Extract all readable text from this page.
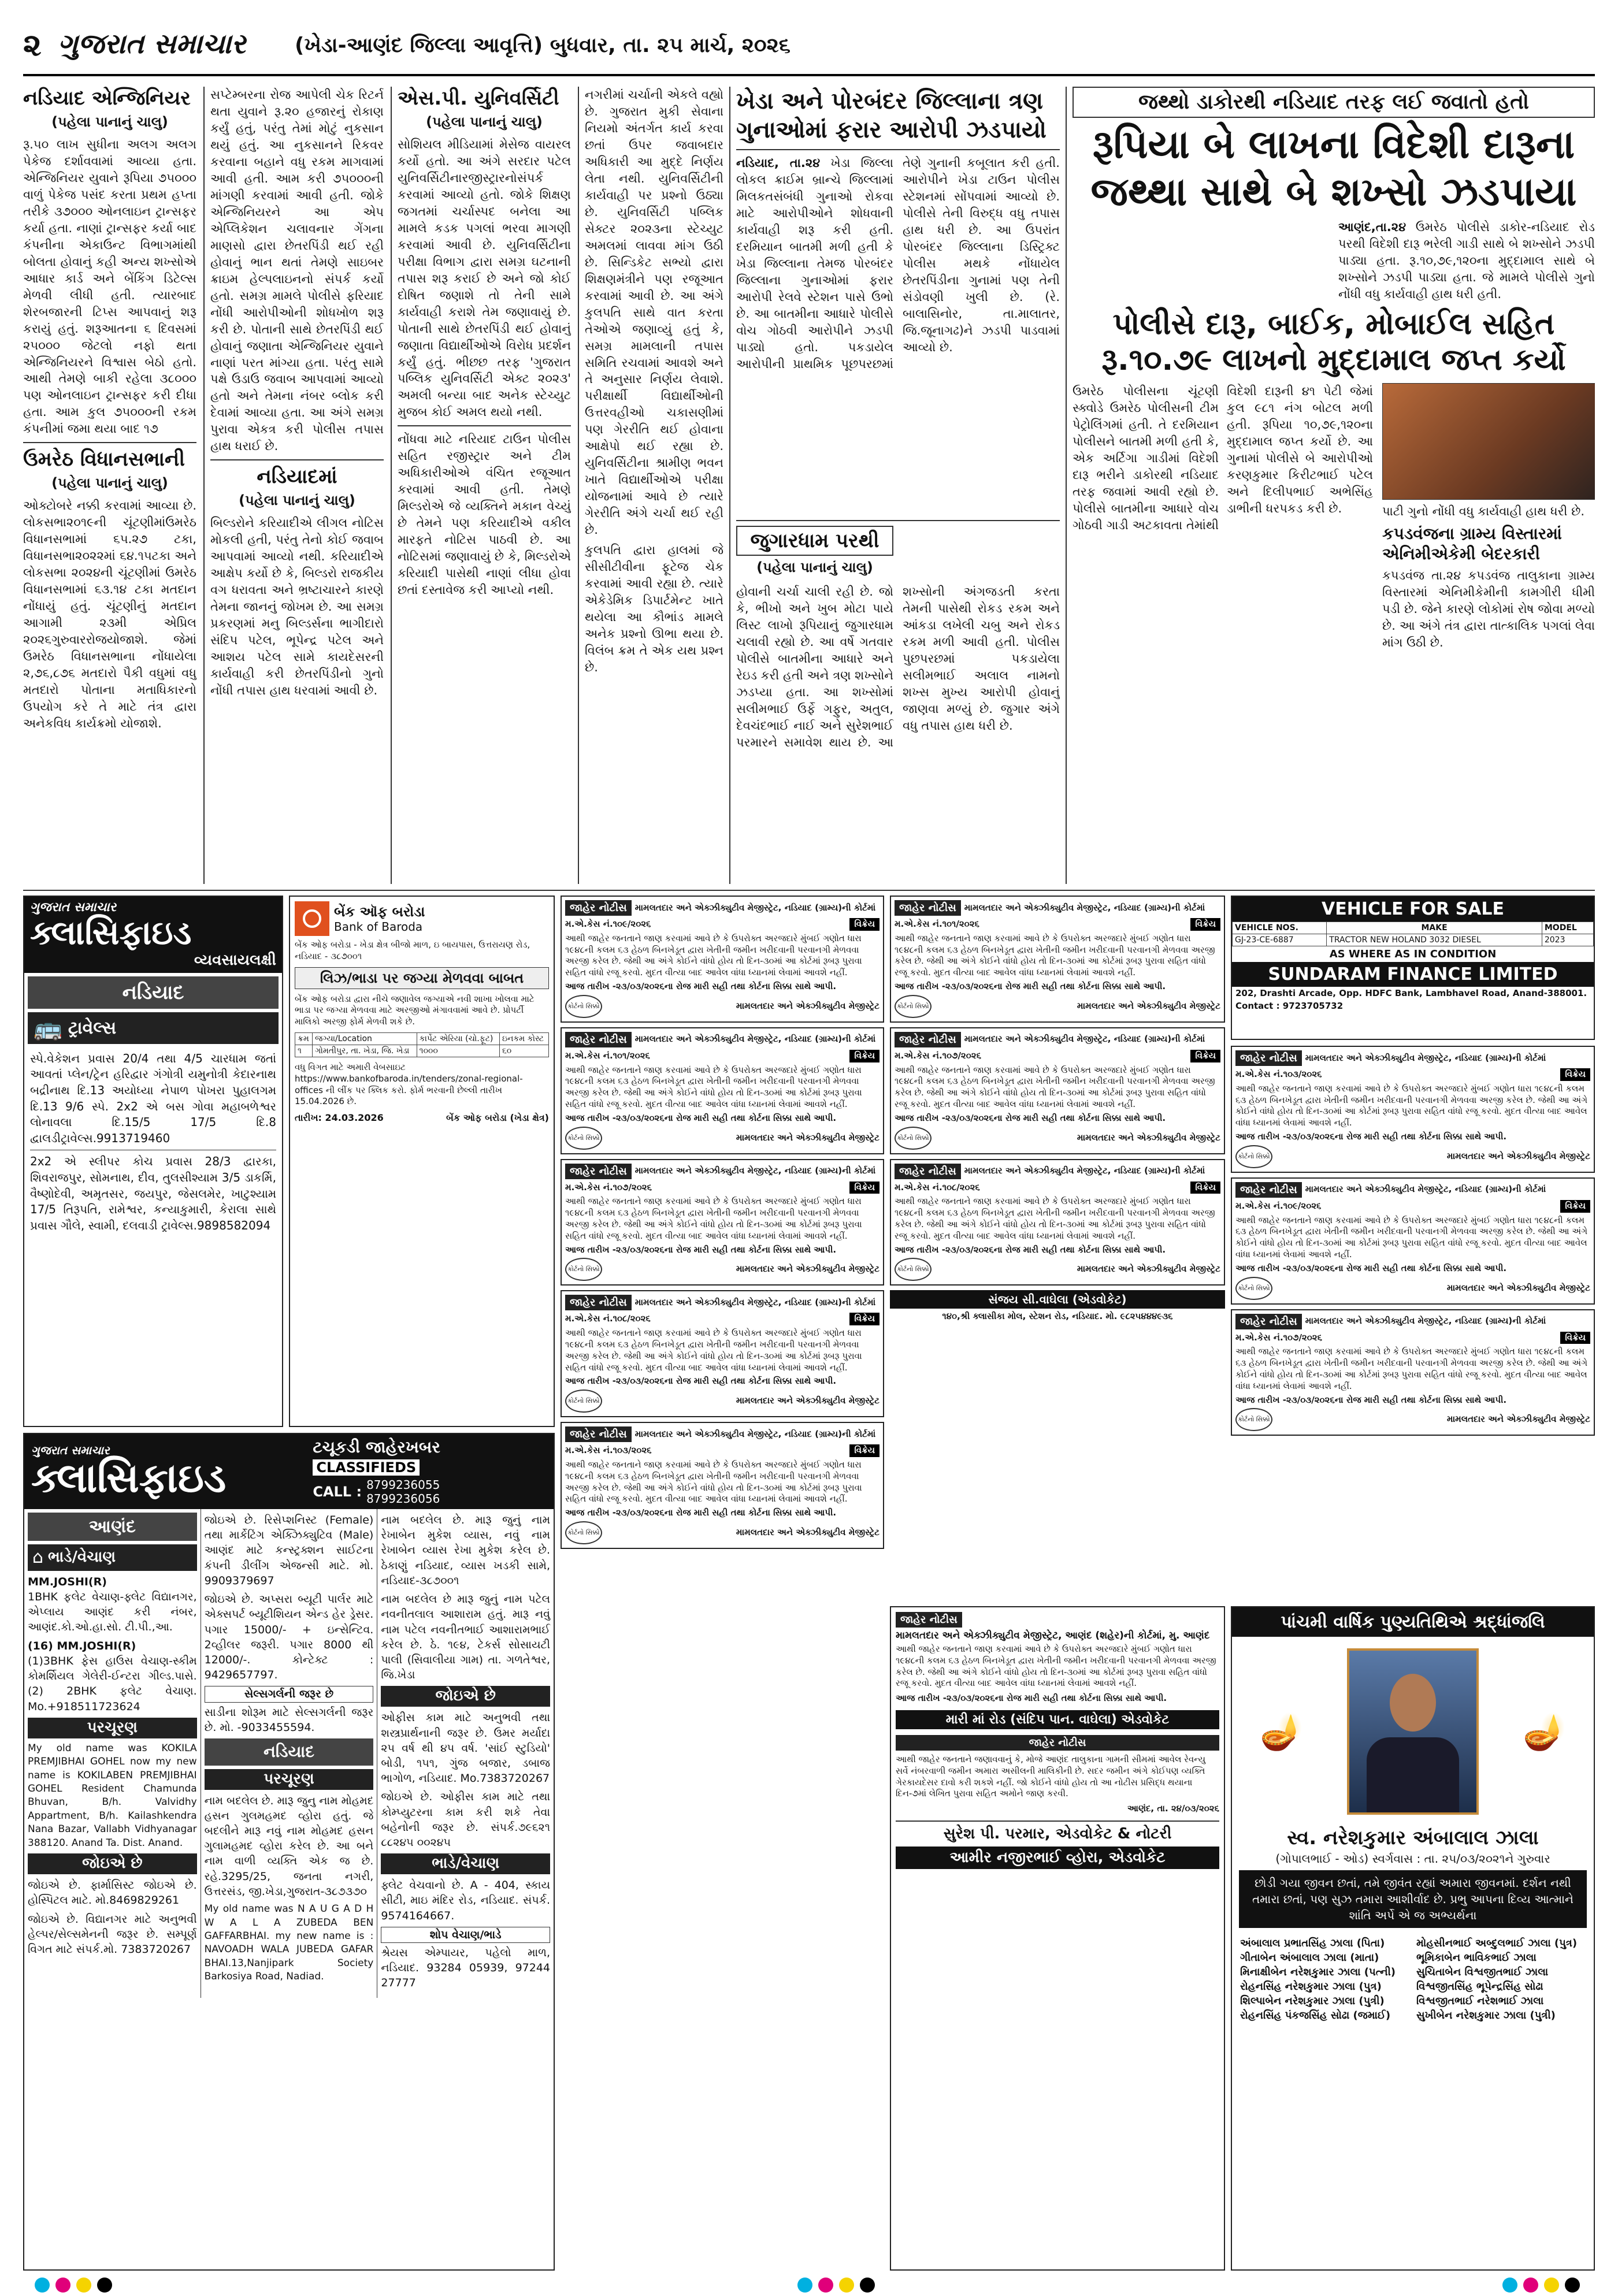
૨ ગુજરાત સમાચાર (ખેડા-આણંદ જિલ્લા આવૃત્તિ) બુધવાર, તા. ૨૫ માર્ચ, ૨૦૨૬
નડિયાદ એન્જિનિયર
(પહેલા પાનાનું ચાલુ)

રૂ.૫૦ લાખ સુધીના અલગ અલગ પેકેજ દર્શાવવામાં આવ્યા હતા. એન્જિનિયર યુવાને રૂપિયા ૭૫૦૦૦ વાળું પેકેજ પસંદ કરતા પ્રથમ હપ્તા તરીકે ૩૭૦૦૦ ઓનલાઇન ટ્રાન્સફર કર્યા હતા. નાણાં ટ્રાન્સફર કર્યા બાદ કંપનીના એકાઉન્ટ વિભાગમાંથી બોલતા હોવાનું કહી અન્ય શખ્સોએ આધાર કાર્ડ અને બેંકિંગ ડિટેલ્સ મેળવી લીધી હતી. ત્યારબાદ શેરબજારની ટિપ્સ આપવાનું શરૂ કરાયું હતું. શરૂઆતના ૬ દિવસમાં ૨૫૦૦૦ જેટલો નફો થતા એન્જિનિયરને વિશ્વાસ બેઠો હતો. આથી તેમણે બાકી રહેલા ૩૮૦૦૦ પણ ઓનલાઇન ટ્રાન્સફર કરી દીધા હતા. આમ કુલ ૭૫૦૦૦ની રકમ કંપનીમાં જમા થયા બાદ ૧૭

ઉમરેઠ વિધાનસભાની
(પહેલા પાનાનું ચાલુ)

ઓક્ટોબરે નક્કી કરવામાં આવ્યા છે. લોકસભા૨૦૧૯ની ચૂંટણીમાંઉમરેઠ વિધાનસભામાં ૬૫.૨૭ ટકા, વિધાનસભા૨૦૨૨માં ૬૪.૧૫ટકા અને લોકસભા ૨૦૨૪ની ચૂંટણીમાં ઉમરેઠ વિધાનસભામાં ૬૩.૧૪ ટકા મતદાન નોંધાયું હતું. ચૂંટણીનું મતદાન આગામી ૨૩મી એપ્રિલ ૨૦૨૬ગુરુવારરોજયોજાશે. જેમાં ઉમરેઠ વિધાનસભાના નોંધાયેલા ૨,૭૬,૮૭૬ મતદારો પૈકી વધુમાં વધુ મતદારો પોતાના મતાધિકારનો ઉપયોગ કરે તે માટે તંત્ર દ્વારા અનેકવિધ કાર્યક્રમો યોજાશે.

સપ્ટેમ્બરના રોજ આપેલી ચેક રિટર્ન થતા યુવાને રૂ.૨૦ હજારનું રોકાણ કર્યું હતું, પરંતુ તેમાં મોટું નુકસાન થયું હતું. આ નુકસાનને રિકવર કરવાના બહાને વધુ રકમ માગવામાં આવી હતી. આમ કરી ૭૫૦૦૦ની માંગણી કરવામાં આવી હતી. જોકે એન્જિનિયરને આ એપ એપ્લિકેશન ચલાવનાર ગેંગના માણસો દ્વારા છેતરપિંડી થઈ રહી હોવાનું ભાન થતાં તેમણે સાઇબર ક્રાઇમ હેલ્પલાઇનનો સંપર્ક કર્યો હતો. સમગ્ર મામલે પોલીસે ફરિયાદ નોંધી આરોપીઓની શોધખોળ શરૂ કરી છે. પોતાની સાથે છેતરપિંડી થઈ હોવાનું જણાતા એન્જિનિયર યુવાને નાણાં પરત માંગ્યા હતા. પરંતુ સામે પક્ષે ઉડાઉ જવાબ આપવામાં આવ્યો હતો અને તેમના નંબર બ્લોક કરી દેવામાં આવ્યા હતા. આ અંગે સમગ્ર પુરાવા એકત્ર કરી પોલીસ તપાસ હાથ ધરાઈ છે.

નડિયાદમાં
(પહેલા પાનાનું ચાલુ)

બિલ્ડરોને કરિયાદીએ લીગલ નોટિસ મોકલી હતી, પરંતુ તેનો કોઈ જવાબ આપવામાં આવ્યો નથી. કરિયાદીએ આક્ષેપ કર્યો છે કે, બિલ્ડરો રાજકીય વગ ધરાવતા અને ભ્રષ્ટાચારને કારણે તેમના જાનનું જોખમ છે. આ સમગ્ર પ્રકરણમાં મનુ બિલ્ડર્સના ભાગીદારો સંદિપ પટેલ, ભૂપેન્દ્ર પટેલ અને આશય પટેલ સામે કાયદેસરની કાર્યવાહી કરી છેતરપિંડીનો ગુનો નોંધી તપાસ હાથ ધરવામાં આવી છે.

એસ.પી. યુનિવર્સિટી
(પહેલા પાનાનું ચાલુ)

સોશિયલ મીડિયામાં મેસેજ વાયરલ કર્યો હતો. આ અંગે સરદાર પટેલ યુનિવર્સિટીનારજીસ્ટ્રારનોસંપર્ક કરવામાં આવ્યો હતો. જોકે શિક્ષણ જગતમાં ચર્ચાસ્પદ બનેલા આ મામલે કડક પગલાં ભરવા માગણી કરવામાં આવી છે. યુનિવર્સિટીના પરીક્ષા વિભાગ દ્વારા સમગ્ર ઘટનાની તપાસ શરૂ કરાઈ છે અને જો કોઈ દોષિત જણાશે તો તેની સામે કાર્યવાહી કરાશે તેમ જણાવાયું છે. પોતાની સાથે છેતરપિંડી થઈ હોવાનું જણાતા વિદ્યાર્થીઓએ વિરોધ પ્રદર્શન કર્યું હતું. ભીછ્છ તરફ 'ગુજરાત પબ્લિક યુનિવર્સિટી એક્ટ ૨૦૨૩' અમલી બન્યા બાદ અનેક સ્ટેચ્યુટ મુજબ કોઈ અમલ થયો નથી.

નોંધવા માટે નરિયાદ ટાઉન પોલીસ સહિત રજીસ્ટ્રાર અને ટીમ અધિકારીઓએ વંચિત રજૂઆત કરવામાં આવી હતી. તેમણે મિલ્ડરોએ જે વ્યક્તિને મકાન વેચ્યું છે તેમને પણ કરિયાદીએ વકીલ મારફતે નોટિસ પાઠવી છે. આ નોટિસમાં જણાવાયું છે કે, મિલ્ડરોએ કરિયાદી પાસેથી નાણાં લીધા હોવા છતાં દસ્તાવેજ કરી આપ્યો નથી.

નગરીમાં ચર્ચાની એકલે વહ્યો છે. ગુજરાત મુકી સેવાના નિયમો અંતર્ગત કાર્ય કરવા છતાં ઉપર જવાબદાર અધિકારી આ મુદ્દે નિર્ણય લેતા નથી. યુનિવર્સિટીની કાર્યવાહી પર પ્રશ્નો ઉઠ્યા છે. યુનિવર્સિટી પબ્લિક સેક્ટર ૨૦૨૩ના સ્ટેચ્યુટ અમલમાં લાવવા માંગ ઉઠી છે. સિન્ડિકેટ સભ્યો દ્વારા શિક્ષણમંત્રીને પણ રજૂઆત કરવામાં આવી છે. આ અંગે કુલપતિ સાથે વાત કરતા તેઓએ જણાવ્યું હતું કે, સમગ્ર મામલાની તપાસ સમિતિ રચવામાં આવશે અને તે અનુસાર નિર્ણય લેવાશે. પરીક્ષાર્થી વિદ્યાર્થીઓની ઉત્તરવહીઓ ચકાસણીમાં પણ ગેરરીતિ થઈ હોવાના આક્ષેપો થઈ રહ્યા છે. યુનિવર્સિટીના શ્રામીણ ભવન ખાતે વિદ્યાર્થીઓએ પરીક્ષા યોજનામાં આવે છે ત્યારે ગેરરીતિ અંગે ચર્ચા થઈ રહી છે.

કુલપતિ દ્વારા હાલમાં જે સીસીટીવીના ફૂટેજ ચેક કરવામાં આવી રહ્યા છે. ત્યારે એકેડેમિક ડિપાર્ટમેન્ટ ખાતે થયેલા આ કૌભાંડ મામલે અનેક પ્રશ્નો ઊભા થયા છે. વિલંબ ક્રમ તે એક યથ પ્રશ્ન છે.

ખેડા અને પોરબંદર જિલ્લાના ત્રણ ગુનાઓમાં ફરાર આરોપી ઝડપાયો
નડિયાદ, તા.૨૪ ખેડા જિલ્લા લોકલ ક્રાઈમ બ્રાન્ચે જિલ્લામાં મિલકતસંબંધી ગુનાઓ રોકવા માટે આરોપીઓને શોધવાની કાર્યવાહી શરૂ કરી હતી. દરમિયાન બાતમી મળી હતી કે ખેડા જિલ્લાના તેમજ પોરબંદર જિલ્લાના ગુનાઓમાં ફરાર આરોપી રેલવે સ્ટેશન પાસે ઉભો છે. આ બાતમીના આધારે પોલીસે વોચ ગોઠવી આરોપીને ઝડપી પાડ્યો હતો. પકડાયેલ આરોપીની પ્રાથમિક પૂછપરછમાં તેણે ગુનાની કબૂલાત કરી હતી. આરોપીને ખેડા ટાઉન પોલીસ સ્ટેશનમાં સોંપવામાં આવ્યો છે. પોલીસે તેની વિરુદ્ધ વધુ તપાસ હાથ ધરી છે. આ ઉપરાંત પોરબંદર જિલ્લાના ડિસ્ટ્રિક્ટ પોલીસ મથકે નોંધાયેલ છેતરપિંડીના ગુનામાં પણ તેની સંડોવણી ખુલી છે. (રે. બાલાસિનોર, તા.માલાતર, જિ.જૂનાગઢ)ને ઝડપી પાડવામાં આવ્યો છે.
જુગારધામ પરથી
(પહેલા પાનાનું ચાલુ)
હોવાની ચર્ચા ચાલી રહી છે. જો કે, ભીખો અને ખુબ મોટા પાયે લિસ્ટ લાખો રૂપિયાનું જુગારધામ ચલાવી રહ્યો છે. આ વર્ષે ગતવાર પોલીસે બાતમીના આધારે અને રેઇડ કરી હતી અને ત્રણ શખ્સોને ઝડપ્યા હતા. આ શખ્સોમાં સલીમભાઈ ઉર્ફે ગફુર, અતુલ, દેવચંદભાઈ નાઈ અને સુરેશભાઈ પરમારને સમાવેશ થાય છે. આ શખ્સોની અંગજડતી કરતા તેમની પાસેથી રોકડ રકમ અને આંકડા લખેલી ચબુ અને રોકડ રકમ મળી આવી હતી. પોલીસ પુછપરછમાં પકડાયેલા સલીમભાઈ અલાલ નામનો શખ્સ મુખ્ય આરોપી હોવાનું જાણવા મળ્યું છે. જુગાર અંગે વધુ તપાસ હાથ ધરી છે.
જથ્થો ડાકોરથી નડિયાદ તરફ લઈ જવાતો હતો
રૂપિયા બે લાખના વિદેશી દારૂના
જથ્થા સાથે બે શખ્સો ઝડપાયા
આણંદ,તા.૨૪ ઉમરેઠ પોલીસે ડાકોર-નડિયાદ રોડ પરથી વિદેશી દારૂ ભરેલી ગાડી સાથે બે શખ્સોને ઝડપી પાડ્યા હતા. રૂ.૧૦,૭૯,૧૨૦ના મુદ્દામાલ સાથે બે શખ્સોને ઝડપી પાડ્યા હતા. જે મામલે પોલીસે ગુનો નોંધી વધુ કાર્યવાહી હાથ ધરી હતી.
પોલીસે દારૂ, બાઈક, મોબાઈલ સહિત
રૂ.૧૦.૭૯ લાખનો મુદ્દામાલ જપ્ત કર્યો
ઉમરેઠ પોલીસના ચૂંટણી સ્ક્વોડે ઉમરેઠ પોલીસની ટીમ પેટ્રોલિંગમાં હતી. તે દરમિયાન પોલીસને બાતમી મળી હતી કે, એક અર્ટિગા ગાડીમાં વિદેશી દારૂ ભરીને ડાકોરથી નડિયાદ તરફ જવામાં આવી રહ્યો છે. પોલીસે બાતમીના આધારે વોચ ગોઠવી ગાડી અટકાવતા તેમાંથી વિદેશી દારૂની ૪૧ પેટી જેમાં કુલ ૯૮૧ નંગ બોટલ મળી હતી. રૂપિયા ૧૦,૭૯,૧૨૦ના મુદ્દામાલ જપ્ત કર્યો છે. આ ગુનામાં પોલીસે બે આરોપીઓ કરણકુમાર કિરીટભાઈ પટેલ અને દિલીપભાઈ અભેસિંહ ડાભીની ધરપકડ કરી છે.	પાટી ગુનો નોંધી વધુ કાર્યવાહી હાથ ધરી છે.
કપડવંજના ગ્રામ્ય વિસ્તારમાં એનિમીએકેમી બેદરકારી
કપડવંજ તા.૨૪ કપડવંજ તાલુકાના ગ્રામ્ય વિસ્તારમાં એનિમીકેમીની કામગીરી ધીમી પડી છે. જેને કારણે લોકોમાં રોષ જોવા મળ્યો છે. આ અંગે તંત્ર દ્વારા તાત્કાલિક પગલાં લેવા માંગ ઉઠી છે.
ગુજરાત સમાચાર
ક્લાસિફાઇડ
વ્યવસાયલક્ષી
નડિયાદ
🚌 ટ્રાવેલ્સ

સ્પે.વેકેશન પ્રવાસ 20/4 તથા 4/5 ચારધામ જતાં આવતાં પ્લેન/ટ્રેન હરિદ્વાર ગંગોત્રી યમુનોત્રી કેદારનાથ બદ્રીનાથ દિ.13 અયોધ્યા નેપાળ પોખરા પુહાલગમ દિ.13 9/6 સ્પે. 2x2 એ બસ ગોવા મહાબળેશ્વર લોનાવલા દિ.15/5 17/5 દિ.8 દ્વાલડીટ્રાવેલ્સ.9913719460

2x2 એ સ્લીપર કોચ પ્રવાસ 28/3 દ્વારકા, શિવરાજપુર, સોમનાથ, દીવ, તુલસીશ્યામ 3/5 ડાકર્મિ, વૈષ્ણોદેવી, અમૃતસર, જયપુર, જેસલમેર, ખાટુશ્યામ 17/5 તિરૂપતિ, રામેશ્વર, કન્યાકુમારી, કેરાલા સાથે પ્રવાસ ગૌલે, સ્વામી, દલવાડી ટ્રાવેલ્સ.9898582094

બેંક ઑફ બરોડા
Bank of Baroda
બેંક ઓફ બરોડા - ખેડા ક્ષેત્ર બીજો માળ, ઇ બાયપાસ, ઉત્તરાયણ રોડ, નડિયાદ - ૩૮૭૦૦૧
લિઝ/ભાડા પર જગ્યા મેળવવા બાબત
બેંક ઓફ બરોડા દ્વારા નીચે જણાવેલ જગ્યાએ નવી શાખા ખોલવા માટે ભાડા પર જગ્યા મેળવવા માટે અરજીઓ મંગાવવામાં આવે છે. પ્રોપર્ટી માલિકો અરજી ફોર્મ મેળવી શકે છે.
ક્રમ	જગ્યા/Location	કાર્પેટ એરિયા (ચો.ફૂટ)	ઇનકમ કોસ્ટ
૧	ગોમતીપુર, તા. ખેડા, જિ. ખેડા	૧૦૦૦	૬૦
વધુ વિગત માટે અમારી વેબસાઇટ https://www.bankofbaroda.in/tenders/zonal-regional-offices ની લીંક પર ક્લિક કરો. ફોર્મ ભરવાની છેલ્લી તારીખ 15.04.2026 છે.
તારીખ: 24.03.2026	બેંક ઓફ બરોડા (ખેડા ક્ષેત્ર)
જાહેર નોટીસ મામલતદાર અને એક્ઝીક્યુટીવ મેજીસ્ટ્રેટ, નડિયાદ (ગ્રામ્ય)ની કોર્ટમાં
મ.એ.કેસ નં.૧૦૯/૨૦૨૬	વિક્રેય
આથી જાહેર જનતાને જાણ કરવામાં આવે છે કે ઉપરોક્ત અરજદારે મુંબઈ ગણોત ધારા ૧૯૪૮ની કલમ ૬૩ હેઠળ બિનખેડૂત દ્વારા ખેતીની જમીન ખરીદવાની પરવાનગી મેળવવા અરજી કરેલ છે. જેથી આ અંગે કોઈને વાંધો હોય તો દિન-૩૦માં આ કોર્ટમાં રૂબરૂ પુરાવા સહિત વાંધો રજૂ કરવો. મુદત વીત્યા બાદ આવેલ વાંધા ધ્યાનમાં લેવામાં આવશે નહીં.
આજ તારીખ -૨૩/૦૩/૨૦૨૬ના રોજ મારી સહી તથા કોર્ટના સિક્કા સાથે આપી.
કોર્ટનો સિક્કો	મામલતદાર અને એક્ઝીક્યુટીવ મેજીસ્ટ્રેટ
જાહેર નોટીસ મામલતદાર અને એક્ઝીક્યુટીવ મેજીસ્ટ્રેટ, નડિયાદ (ગ્રામ્ય)ની કોર્ટમાં
મ.એ.કેસ નં.૧૦૧/૨૦૨૬	વિક્રેય
આથી જાહેર જનતાને જાણ કરવામાં આવે છે કે ઉપરોક્ત અરજદારે મુંબઈ ગણોત ધારા ૧૯૪૮ની કલમ ૬૩ હેઠળ બિનખેડૂત દ્વારા ખેતીની જમીન ખરીદવાની પરવાનગી મેળવવા અરજી કરેલ છે. જેથી આ અંગે કોઈને વાંધો હોય તો દિન-૩૦માં આ કોર્ટમાં રૂબરૂ પુરાવા સહિત વાંધો રજૂ કરવો. મુદત વીત્યા બાદ આવેલ વાંધા ધ્યાનમાં લેવામાં આવશે નહીં.
આજ તારીખ -૨૩/૦૩/૨૦૨૬ના રોજ મારી સહી તથા કોર્ટના સિક્કા સાથે આપી.
કોર્ટનો સિક્કો	મામલતદાર અને એક્ઝીક્યુટીવ મેજીસ્ટ્રેટ
જાહેર નોટીસ મામલતદાર અને એક્ઝીક્યુટીવ મેજીસ્ટ્રેટ, નડિયાદ (ગ્રામ્ય)ની કોર્ટમાં
મ.એ.કેસ નં.૧૦૭/૨૦૨૬	વિક્રેય
આથી જાહેર જનતાને જાણ કરવામાં આવે છે કે ઉપરોક્ત અરજદારે મુંબઈ ગણોત ધારા ૧૯૪૮ની કલમ ૬૩ હેઠળ બિનખેડૂત દ્વારા ખેતીની જમીન ખરીદવાની પરવાનગી મેળવવા અરજી કરેલ છે. જેથી આ અંગે કોઈને વાંધો હોય તો દિન-૩૦માં આ કોર્ટમાં રૂબરૂ પુરાવા સહિત વાંધો રજૂ કરવો. મુદત વીત્યા બાદ આવેલ વાંધા ધ્યાનમાં લેવામાં આવશે નહીં.
આજ તારીખ -૨૩/૦૩/૨૦૨૬ના રોજ મારી સહી તથા કોર્ટના સિક્કા સાથે આપી.
કોર્ટનો સિક્કો	મામલતદાર અને એક્ઝીક્યુટીવ મેજીસ્ટ્રેટ
જાહેર નોટીસ મામલતદાર અને એક્ઝીક્યુટીવ મેજીસ્ટ્રેટ, નડિયાદ (ગ્રામ્ય)ની કોર્ટમાં
મ.એ.કેસ નં.૧૦૮/૨૦૨૬	વિક્રેય
આથી જાહેર જનતાને જાણ કરવામાં આવે છે કે ઉપરોક્ત અરજદારે મુંબઈ ગણોત ધારા ૧૯૪૮ની કલમ ૬૩ હેઠળ બિનખેડૂત દ્વારા ખેતીની જમીન ખરીદવાની પરવાનગી મેળવવા અરજી કરેલ છે. જેથી આ અંગે કોઈને વાંધો હોય તો દિન-૩૦માં આ કોર્ટમાં રૂબરૂ પુરાવા સહિત વાંધો રજૂ કરવો. મુદત વીત્યા બાદ આવેલ વાંધા ધ્યાનમાં લેવામાં આવશે નહીં.
આજ તારીખ -૨૩/૦૩/૨૦૨૬ના રોજ મારી સહી તથા કોર્ટના સિક્કા સાથે આપી.
કોર્ટનો સિક્કો	મામલતદાર અને એક્ઝીક્યુટીવ મેજીસ્ટ્રેટ
જાહેર નોટીસ મામલતદાર અને એક્ઝીક્યુટીવ મેજીસ્ટ્રેટ, નડિયાદ (ગ્રામ્ય)ની કોર્ટમાં
મ.એ.કેસ નં.૧૦૩/૨૦૨૬	વિક્રેય
આથી જાહેર જનતાને જાણ કરવામાં આવે છે કે ઉપરોક્ત અરજદારે મુંબઈ ગણોત ધારા ૧૯૪૮ની કલમ ૬૩ હેઠળ બિનખેડૂત દ્વારા ખેતીની જમીન ખરીદવાની પરવાનગી મેળવવા અરજી કરેલ છે. જેથી આ અંગે કોઈને વાંધો હોય તો દિન-૩૦માં આ કોર્ટમાં રૂબરૂ પુરાવા સહિત વાંધો રજૂ કરવો. મુદત વીત્યા બાદ આવેલ વાંધા ધ્યાનમાં લેવામાં આવશે નહીં.
આજ તારીખ -૨૩/૦૩/૨૦૨૬ના રોજ મારી સહી તથા કોર્ટના સિક્કા સાથે આપી.
કોર્ટનો સિક્કો	મામલતદાર અને એક્ઝીક્યુટીવ મેજીસ્ટ્રેટ
જાહેર નોટીસ મામલતદાર અને એક્ઝીક્યુટીવ મેજીસ્ટ્રેટ, નડિયાદ (ગ્રામ્ય)ની કોર્ટમાં
મ.એ.કેસ નં.૧૦૧/૨૦૨૬	વિક્રેય
આથી જાહેર જનતાને જાણ કરવામાં આવે છે કે ઉપરોક્ત અરજદારે મુંબઈ ગણોત ધારા ૧૯૪૮ની કલમ ૬૩ હેઠળ બિનખેડૂત દ્વારા ખેતીની જમીન ખરીદવાની પરવાનગી મેળવવા અરજી કરેલ છે. જેથી આ અંગે કોઈને વાંધો હોય તો દિન-૩૦માં આ કોર્ટમાં રૂબરૂ પુરાવા સહિત વાંધો રજૂ કરવો. મુદત વીત્યા બાદ આવેલ વાંધા ધ્યાનમાં લેવામાં આવશે નહીં.
આજ તારીખ -૨૩/૦૩/૨૦૨૬ના રોજ મારી સહી તથા કોર્ટના સિક્કા સાથે આપી.
કોર્ટનો સિક્કો	મામલતદાર અને એક્ઝીક્યુટીવ મેજીસ્ટ્રેટ
જાહેર નોટીસ મામલતદાર અને એક્ઝીક્યુટીવ મેજીસ્ટ્રેટ, નડિયાદ (ગ્રામ્ય)ની કોર્ટમાં
મ.એ.કેસ નં.૧૦૭/૨૦૨૬	વિક્રેય
આથી જાહેર જનતાને જાણ કરવામાં આવે છે કે ઉપરોક્ત અરજદારે મુંબઈ ગણોત ધારા ૧૯૪૮ની કલમ ૬૩ હેઠળ બિનખેડૂત દ્વારા ખેતીની જમીન ખરીદવાની પરવાનગી મેળવવા અરજી કરેલ છે. જેથી આ અંગે કોઈને વાંધો હોય તો દિન-૩૦માં આ કોર્ટમાં રૂબરૂ પુરાવા સહિત વાંધો રજૂ કરવો. મુદત વીત્યા બાદ આવેલ વાંધા ધ્યાનમાં લેવામાં આવશે નહીં.
આજ તારીખ -૨૩/૦૩/૨૦૨૬ના રોજ મારી સહી તથા કોર્ટના સિક્કા સાથે આપી.
કોર્ટનો સિક્કો	મામલતદાર અને એક્ઝીક્યુટીવ મેજીસ્ટ્રેટ
જાહેર નોટીસ મામલતદાર અને એક્ઝીક્યુટીવ મેજીસ્ટ્રેટ, નડિયાદ (ગ્રામ્ય)ની કોર્ટમાં
મ.એ.કેસ નં.૧૦૮/૨૦૨૬	વિક્રેય
આથી જાહેર જનતાને જાણ કરવામાં આવે છે કે ઉપરોક્ત અરજદારે મુંબઈ ગણોત ધારા ૧૯૪૮ની કલમ ૬૩ હેઠળ બિનખેડૂત દ્વારા ખેતીની જમીન ખરીદવાની પરવાનગી મેળવવા અરજી કરેલ છે. જેથી આ અંગે કોઈને વાંધો હોય તો દિન-૩૦માં આ કોર્ટમાં રૂબરૂ પુરાવા સહિત વાંધો રજૂ કરવો. મુદત વીત્યા બાદ આવેલ વાંધા ધ્યાનમાં લેવામાં આવશે નહીં.
આજ તારીખ -૨૩/૦૩/૨૦૨૬ના રોજ મારી સહી તથા કોર્ટના સિક્કા સાથે આપી.
કોર્ટનો સિક્કો	મામલતદાર અને એક્ઝીક્યુટીવ મેજીસ્ટ્રેટ
સંજય સી.વાઘેલા (એડવોકેટ)
૧૪૦,શ્રી ક્લાસીકા મોલ, સ્ટેશન રોડ, નડિયાદ. મો. ૯૮૨૫૪૪૪૯૩૬
VEHICLE FOR SALE
VEHICLE NOS.	MAKE	MODEL
GJ-23-CE-6887	TRACTOR NEW HOLAND 3032 DIESEL	2023
AS WHERE AS IN CONDITION
SUNDARAM FINANCE LIMITED
202, Drashti Arcade, Opp. HDFC Bank, Lambhavel Road, Anand-388001.
Contact : 9723705732
જાહેર નોટીસ મામલતદાર અને એક્ઝીક્યુટીવ મેજીસ્ટ્રેટ, નડિયાદ (ગ્રામ્ય)ની કોર્ટમાં
મ.એ.કેસ નં.૧૦૩/૨૦૨૬	વિક્રેય
આથી જાહેર જનતાને જાણ કરવામાં આવે છે કે ઉપરોક્ત અરજદારે મુંબઈ ગણોત ધારા ૧૯૪૮ની કલમ ૬૩ હેઠળ બિનખેડૂત દ્વારા ખેતીની જમીન ખરીદવાની પરવાનગી મેળવવા અરજી કરેલ છે. જેથી આ અંગે કોઈને વાંધો હોય તો દિન-૩૦માં આ કોર્ટમાં રૂબરૂ પુરાવા સહિત વાંધો રજૂ કરવો. મુદત વીત્યા બાદ આવેલ વાંધા ધ્યાનમાં લેવામાં આવશે નહીં.
આજ તારીખ -૨૩/૦૩/૨૦૨૬ના રોજ મારી સહી તથા કોર્ટના સિક્કા સાથે આપી.
કોર્ટનો સિક્કો	મામલતદાર અને એક્ઝીક્યુટીવ મેજીસ્ટ્રેટ
જાહેર નોટીસ મામલતદાર અને એક્ઝીક્યુટીવ મેજીસ્ટ્રેટ, નડિયાદ (ગ્રામ્ય)ની કોર્ટમાં
મ.એ.કેસ નં.૧૦૯/૨૦૨૬	વિક્રેય
આથી જાહેર જનતાને જાણ કરવામાં આવે છે કે ઉપરોક્ત અરજદારે મુંબઈ ગણોત ધારા ૧૯૪૮ની કલમ ૬૩ હેઠળ બિનખેડૂત દ્વારા ખેતીની જમીન ખરીદવાની પરવાનગી મેળવવા અરજી કરેલ છે. જેથી આ અંગે કોઈને વાંધો હોય તો દિન-૩૦માં આ કોર્ટમાં રૂબરૂ પુરાવા સહિત વાંધો રજૂ કરવો. મુદત વીત્યા બાદ આવેલ વાંધા ધ્યાનમાં લેવામાં આવશે નહીં.
આજ તારીખ -૨૩/૦૩/૨૦૨૬ના રોજ મારી સહી તથા કોર્ટના સિક્કા સાથે આપી.
કોર્ટનો સિક્કો	મામલતદાર અને એક્ઝીક્યુટીવ મેજીસ્ટ્રેટ
જાહેર નોટીસ મામલતદાર અને એક્ઝીક્યુટીવ મેજીસ્ટ્રેટ, નડિયાદ (ગ્રામ્ય)ની કોર્ટમાં
મ.એ.કેસ નં.૧૦૭/૨૦૨૬	વિક્રેય
આથી જાહેર જનતાને જાણ કરવામાં આવે છે કે ઉપરોક્ત અરજદારે મુંબઈ ગણોત ધારા ૧૯૪૮ની કલમ ૬૩ હેઠળ બિનખેડૂત દ્વારા ખેતીની જમીન ખરીદવાની પરવાનગી મેળવવા અરજી કરેલ છે. જેથી આ અંગે કોઈને વાંધો હોય તો દિન-૩૦માં આ કોર્ટમાં રૂબરૂ પુરાવા સહિત વાંધો રજૂ કરવો. મુદત વીત્યા બાદ આવેલ વાંધા ધ્યાનમાં લેવામાં આવશે નહીં.
આજ તારીખ -૨૩/૦૩/૨૦૨૬ના રોજ મારી સહી તથા કોર્ટના સિક્કા સાથે આપી.
કોર્ટનો સિક્કો	મામલતદાર અને એક્ઝીક્યુટીવ મેજીસ્ટ્રેટ
ગુજરાત સમાચાર
ક્લાસિફાઇડ
ટચૂકડી જાહેરખબર
CLASSIFIEDS
CALL : 8799236055
8799236056
આણંદ
⌂ ભાડે/વેચાણ
MM.JOSHI(R)

1BHK ફલેટ વેચાણ-ફ્લેટ વિદ્યાનગર, એપ્લાય આણંદ કરી નંબર, આણંદ.કો.ઓ.હા.સો. ટી.પી.,આ.

(16) MM.JOSHI(R)

(1)3BHK ફેસ હાઉસ વેચાણ-સ્કીમ કોમર્શિયલ ગેલેરી-ઈન્ટરા ગીલ્ડ.પાસે.(2) 2BHK ફલેટ વેચાણ. Mo.+918511723624

પરચૂરણ

My old name was KOKILA PREMJIBHAI GOHEL now my new name is KOKILABEN PREMJIBHAI GOHEL Resident Chamunda Bhuvan, B/h. Valvidhy Appartment, B/h. Kailashkendra Nana Bazar, Vallabh Vidhyanagar 388120. Anand Ta. Dist. Anand.

જોઇએ છે

જોઇએ છે. ફાર્માસિસ્ટ જોઇએ છે. હોસ્પિટલ માટે. મો.8469829261

જોઇએ છે. વિદ્યાનગર માટે અનુભવી હેલ્પર/સેલ્સમેનની જરૂર છે. સમ્પૂર્ણ વિગત માટે સંપર્ક.મો. 7383720267

જોઇએ છે. રિસેપ્શનિસ્ટ (Female) તથા માર્કેટિંગ એક્ઝિક્યુટિવ (Male) આણંદ માટે કન્સ્ટ્રક્શન સાઈટના કંપની ડીલીંગ એજન્સી માટે. મો. 9909379697

જોઇએ છે. અપ્સરા બ્યૂટી પાર્લર માટે એક્સપર્ટ બ્યૂટીશિયન એન્ડ હેર ડ્રેસર. પગાર 15000/- + ઇન્સેન્ટિવ. 2વ્હીલર જરૂરી. પગાર 8000 થી 12000/-. કોન્ટેક્ટ : 9429657797.

સેલ્સગર્લની જરૂર છે

સાડીના શોરૂમ માટે સેલ્સગર્લની જરૂર છે. મો. -9033455594.

નડિયાદ
પરચૂરણ

નામ બદલેલ છે. મારૂ જુનુ નામ મોહમદ હસન ગુલમહમદ વ્હોરા હતું. જે બદલીને મારૂ નવું નામ મોહમદ હસન ગુલામહમદ વ્હોરા કરેલ છે. આ બને નામ વાળી વ્યક્તિ એક જ છે. રહે.3295/25, જનતા નગરી, ઉત્તરસંડ, જી.ખેડા,ગુજરાત-૩૮૭૩૭૦

My old name was N A U G A D H W A L A ZUBEDA BEN GAFFARBHAI. my new name is : NAVOADH WALA JUBEDA GAFAR BHAI.13,Nanjipark Society Barkosiya Road, Nadiad.

નામ બદલેલ છે. મારૂ જુનું નામ રેખાબેન મુકેશ વ્યાસ, નવું નામ રેખાબેન વ્યાસ રેખા મુકેશ કરેલ છે. ઠેકાણું નડિયાદ, વ્યાસ ખડકી સામે, નડિયાદ-૩૮૭૦૦૧

નામ બદલેલ છે મારૂ જુનું નામ પટેલ નવનીતલાલ આશારામ હતું. મારૂ નવું નામ પટેલ નવનીતભાઈ આશારામભાઈ કરેલ છે. ઠે. ૧૯૪, ટેકર્સ સોસાયટી પાલી (સિવાલીયા ગામ) તા. ગળતેશ્વર, જિ.ખેડા

જોઇએ છે

ઓફીસ કામ માટે અનુભવી તથા શસ્ત્રપ્રાર્થનાની જરૂર છે. ઉમર મર્યાદા ૨૫ વર્ષ થી ૪૫ વર્ષ. 'સાંઈ સ્ટુડિયો' બોડી, ૧૫૧, ગુંજ બજાર, ડબાજ ભાગોળ, નડિયાદ. Mo.7383720267

જોઇએ છે. ઓફીસ કામ માટે તથા કોમ્પ્યુટરના કામ કરી શકે તેવા બહેનોની જરૂર છે. સંપર્ક.૭૯૬૨૧ ૮૮૨૪૫ ૦૦૨૪૫

ભાડે/વેચાણ

ફ્લેટ વેચવાનો છે. A - 404, સ્કાય સીટી, માઇ મંદિર રોડ, નડિયાદ. સંપર્ક. 9574164667.

શોપ વેચાણ/ભાડે

શ્રેયસ એમ્પાયર, પહેલો માળ, નડિયાદ. 93284 05939, 97244 27777

જાહેર નોટીસ
મામલતદાર અને એક્ઝીક્યુટીવ મેજીસ્ટ્રેટ, આણંદ (શહેર)ની કોર્ટમાં, મુ. આણંદ
આથી જાહેર જનતાને જાણ કરવામાં આવે છે કે ઉપરોક્ત અરજદારે મુંબઈ ગણોત ધારા ૧૯૪૮ની કલમ ૬૩ હેઠળ બિનખેડૂત દ્વારા ખેતીની જમીન ખરીદવાની પરવાનગી મેળવવા અરજી કરેલ છે. જેથી આ અંગે કોઈને વાંધો હોય તો દિન-૩૦માં આ કોર્ટમાં રૂબરૂ પુરાવા સહિત વાંધો રજૂ કરવો. મુદત વીત્યા બાદ આવેલ વાંધા ધ્યાનમાં લેવામાં આવશે નહીં.
આજ તારીખ -૨૩/૦૩/૨૦૨૬ના રોજ મારી સહી તથા કોર્ટના સિક્કા સાથે આપી.
મારી માં રોડ (સંદિપ પાન. વાઘેલા) એડવોકેટ
જાહેર નોટીસ
આથી જાહેર જનતાને જણાવવાનું કે, મોજે આણંદ તાલુકાના ગામની સીમમાં આવેલ રેવન્યુ સર્વે નંબરવાળી જમીન અમારા અસીલની માલિકીની છે. સદર જમીન અંગે કોઈપણ વ્યક્તિ ગેરકાયદેસર દાવો કરી શકશે નહીં. જો કોઈને વાંધો હોય તો આ નોટીસ પ્રસિદ્ધ થયાના દિન-૭માં લેખિત પુરાવા સહિત અમોને જાણ કરવી.
આણંદ, તા. ૨૪/૦૩/૨૦૨૬
સુરેશ પી. પરમાર, એડવોકેટ & નોટરી
આમીર નજીરભાઈ વ્હોરા, એડવોકેટ
પાંચમી વાર્ષિક પુણ્યતિથિએ શ્રદ્ધાંજલિ
🪔	🪔
સ્વ. નરેશકુમાર અંબાલાલ ઝાલા
(ગોપાલભાઈ - ઓડ) સ્વર્ગવાસ : તા. ૨૫/૦૩/૨૦૨૧ને ગુરુવાર
છોડી ગયા જીવન છતાં, તમે જીવંત રહ્યાં અમારા જીવનમાં. દર્શન નથી તમારા છતાં, પણ સુઝ તમારા આશીર્વાદ છે. પ્રભુ આપના દિવ્ય આત્માને શાંતિ અર્પે એ જ અભ્યર્થના
અંબાલાલ પ્રભાતસિંહ ઝાલા (પિતા)	મોહસીનભાઈ અબ્દુલભાઈ ઝાલા (પુત્ર)
ગીતાબેન અંબાલાલ ઝાલા (માતા)	ભૂમિકાબેન ભાવિકભાઈ ઝાલા
મિનાક્ષીબેન નરેશકુમાર ઝાલા (પત્ની)	સુચિતાબેન વિશ્વજીતભાઈ ઝાલા
રોહનસિંહ નરેશકુમાર ઝાલા (પુત્ર)	વિશ્વજીતસિંહ ભૂપેન્દ્રસિંહ સોઢા
શિલ્પાબેન નરેશકુમાર ઝાલા (પુત્રી)	વિશ્વજીતભાઈ નરેશભાઈ ઝાલા
રોહનસિંહ પંકજસિંહ સોઢા (જમાઈ)	સુખીબેન નરેશકુમાર ઝાલા (પુત્રી)
